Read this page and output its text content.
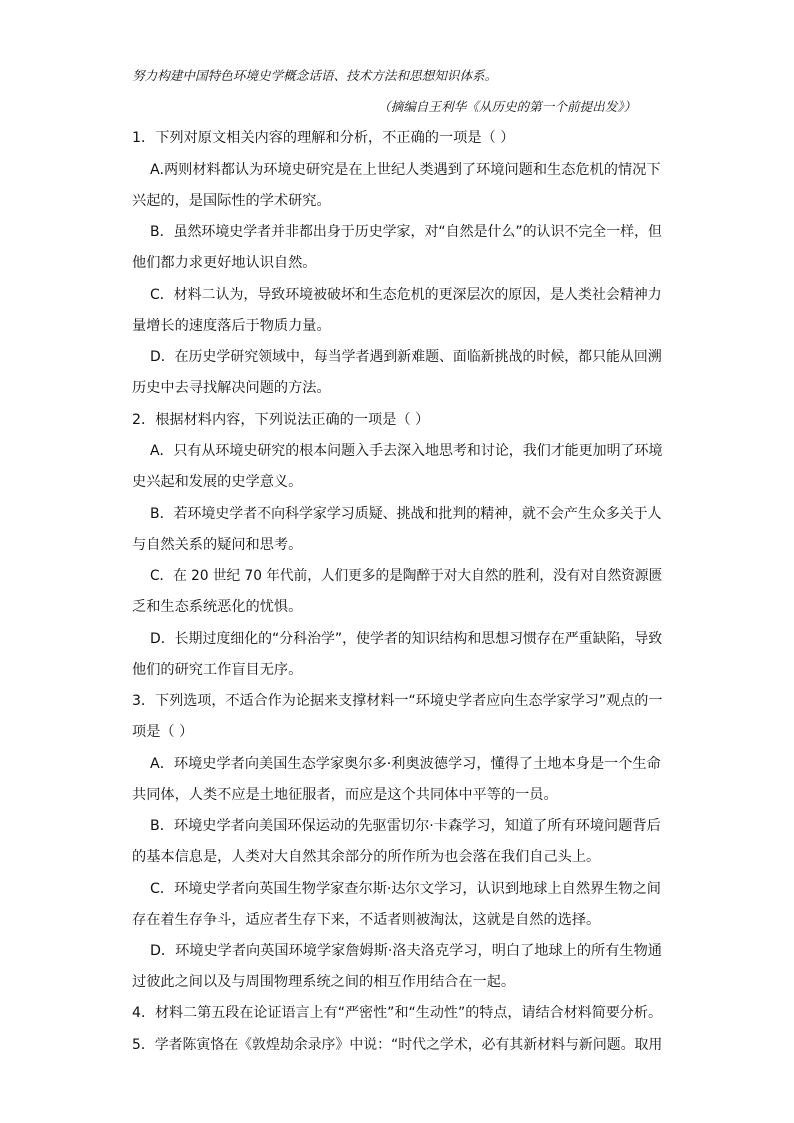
努力构建中国特色环境史学概念话语、技术方法和思想知识体系。
（摘编自王利华《从历史的第一个前提出发》）
1．下列对原文相关内容的理解和分析，不正确的一项是（ ）
A.两则材料都认为环境史研究是在上世纪人类遇到了环境问题和生态危机的情况下
兴起的，是国际性的学术研究。
B．虽然环境史学者并非都出身于历史学家，对“自然是什么”的认识不完全一样，但
他们都力求更好地认识自然。
C．材料二认为，导致环境被破坏和生态危机的更深层次的原因，是人类社会精神力
量增长的速度落后于物质力量。
D．在历史学研究领域中，每当学者遇到新难题、面临新挑战的时候，都只能从回溯
历史中去寻找解决问题的方法。
2．根据材料内容，下列说法正确的一项是（ ）
A．只有从环境史研究的根本问题入手去深入地思考和讨论，我们才能更加明了环境
史兴起和发展的史学意义。
B．若环境史学者不向科学家学习质疑、挑战和批判的精神，就不会产生众多关于人
与自然关系的疑问和思考。
C．在 20 世纪 70 年代前，人们更多的是陶醉于对大自然的胜利，没有对自然资源匮
乏和生态系统恶化的忧惧。
D．长期过度细化的“分科治学”，使学者的知识结构和思想习惯存在严重缺陷，导致
他们的研究工作盲目无序。
3．下列选项，不适合作为论据来支撑材料一“环境史学者应向生态学家学习”观点的一
项是（ ）
A．环境史学者向美国生态学家奥尔多·利奥波德学习，懂得了土地本身是一个生命
共同体，人类不应是土地征服者，而应是这个共同体中平等的一员。
B．环境史学者向美国环保运动的先驱雷切尔·卡森学习，知道了所有环境问题背后
的基本信息是，人类对大自然其余部分的所作所为也会落在我们自己头上。
C．环境史学者向英国生物学家查尔斯·达尔文学习，认识到地球上自然界生物之间
存在着生存争斗，适应者生存下来，不适者则被淘汰，这就是自然的选择。
D．环境史学者向英国环境学家詹姆斯·洛夫洛克学习，明白了地球上的所有生物通
过彼此之间以及与周围物理系统之间的相互作用结合在一起。
4．材料二第五段在论证语言上有“严密性”和“生动性”的特点，请结合材料简要分析。
5．学者陈寅恪在《敦煌劫余录序》中说：“时代之学术，必有其新材料与新问题。取用
